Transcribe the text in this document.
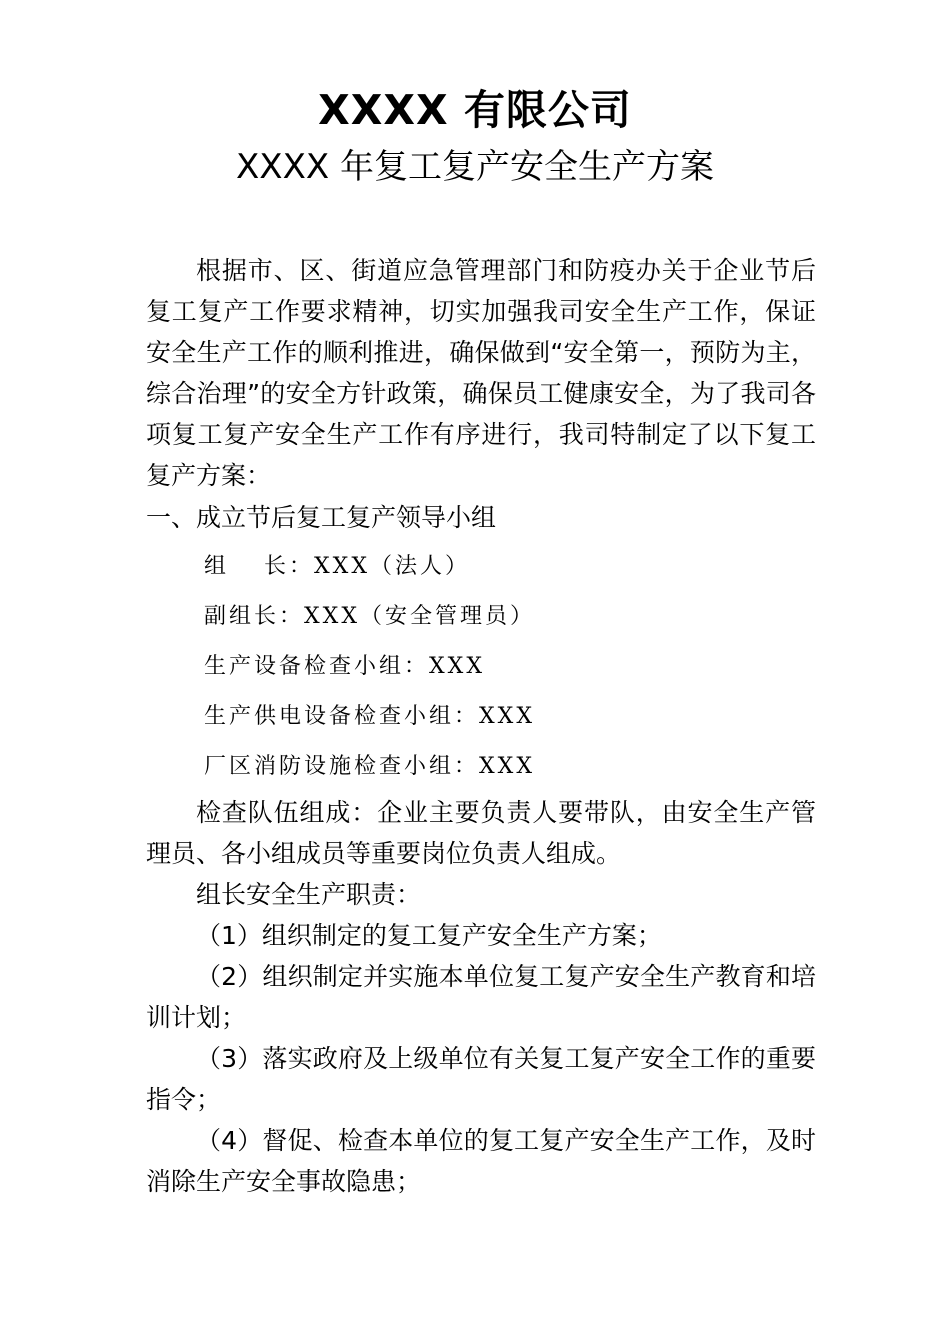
XXXX 有限公司
XXXX 年复工复产安全生产方案

根据市、区、街道应急管理部门和防疫办关于企业节后复工复产工作要求精神，切实加强我司安全生产工作，保证安全生产工作的顺利推进，确保做到“安全第一，预防为主，综合治理”的安全方针政策，确保员工健康安全，为了我司各项复工复产安全生产工作有序进行，我司特制定了以下复工复产方案：

一、成立节后复工复产领导小组

组　 长：XXX（法人）

副组长：XXX（安全管理员）

生产设备检查小组：XXX

生产供电设备检查小组：XXX

厂区消防设施检查小组：XXX

检查队伍组成：企业主要负责人要带队，由安全生产管理员、各小组成员等重要岗位负责人组成。

组长安全生产职责：

（1）组织制定的复工复产安全生产方案；

（2）组织制定并实施本单位复工复产安全生产教育和培训计划；

（3）落实政府及上级单位有关复工复产安全工作的重要指令；

（4）督促、检查本单位的复工复产安全生产工作，及时消除生产安全事故隐患；
